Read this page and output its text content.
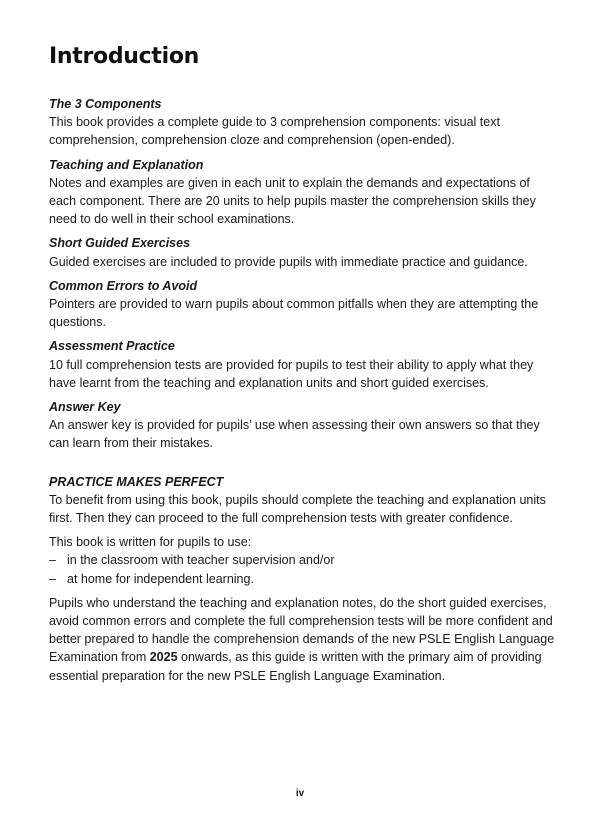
Introduction
The 3 Components
This book provides a complete guide to 3 comprehension components: visual text comprehension, comprehension cloze and comprehension (open-ended).
Teaching and Explanation
Notes and examples are given in each unit to explain the demands and expectations of each component. There are 20 units to help pupils master the comprehension skills they need to do well in their school examinations.
Short Guided Exercises
Guided exercises are included to provide pupils with immediate practice and guidance.
Common Errors to Avoid
Pointers are provided to warn pupils about common pitfalls when they are attempting the questions.
Assessment Practice
10 full comprehension tests are provided for pupils to test their ability to apply what they have learnt from the teaching and explanation units and short guided exercises.
Answer Key
An answer key is provided for pupils’ use when assessing their own answers so that they can learn from their mistakes.
PRACTICE MAKES PERFECT
To benefit from using this book, pupils should complete the teaching and explanation units first. Then they can proceed to the full comprehension tests with greater confidence.
This book is written for pupils to use:
– in the classroom with teacher supervision and/or
– at home for independent learning.

Pupils who understand the teaching and explanation notes, do the short guided exercises, avoid common errors and complete the full comprehension tests will be more confident and better prepared to handle the comprehension demands of the new PSLE English Language Examination from 2025 onwards, as this guide is written with the primary aim of providing essential preparation for the new PSLE English Language Examination.

iv
